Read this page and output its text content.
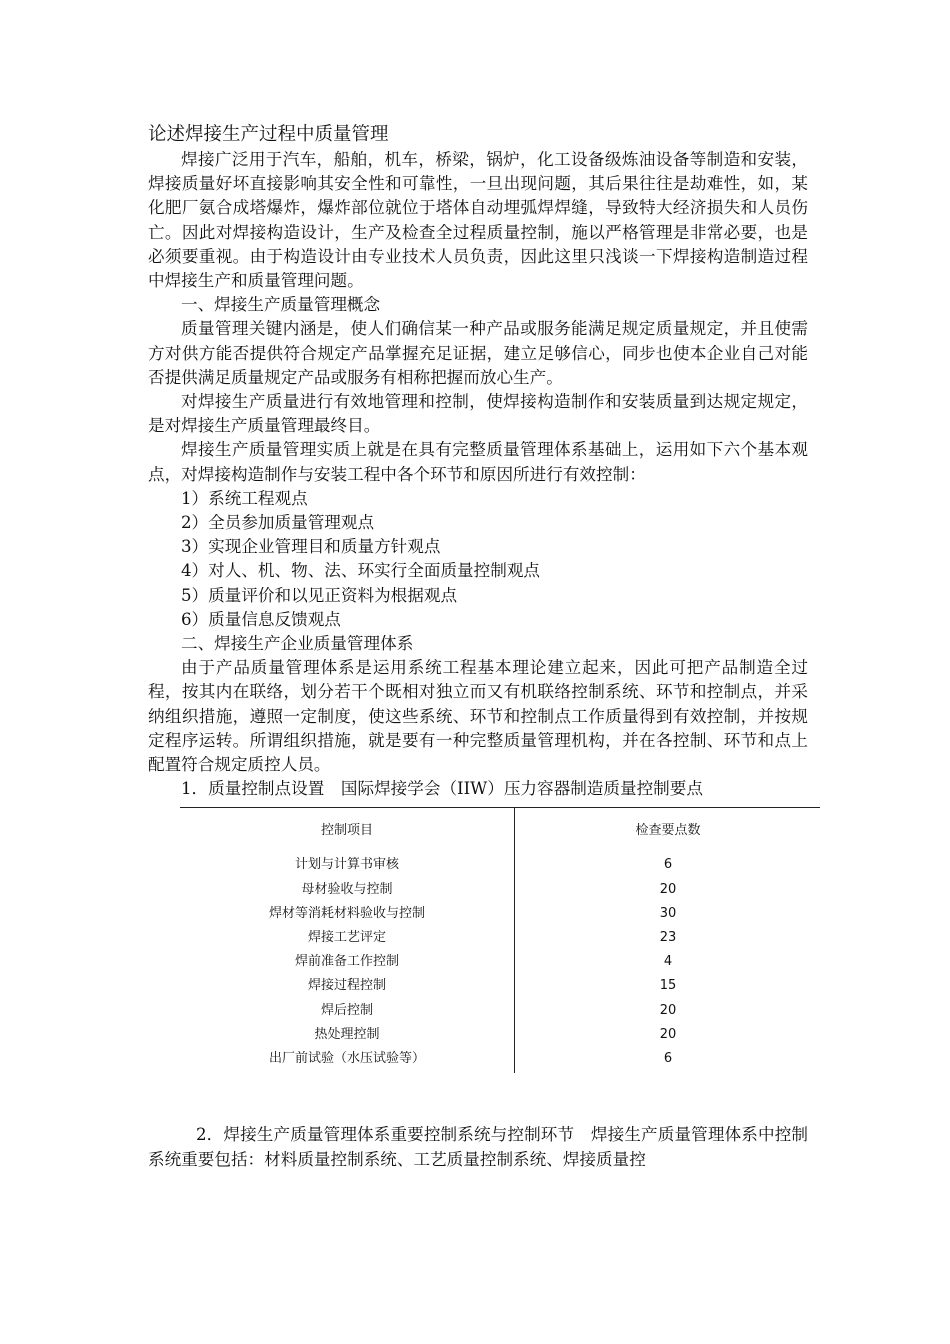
论述焊接生产过程中质量管理

焊接广泛用于汽车，船舶，机车，桥梁，锅炉，化工设备级炼油设备等制造和安装，焊接质量好坏直接影响其安全性和可靠性，一旦出现问题，其后果往往是劫难性，如，某化肥厂氨合成塔爆炸，爆炸部位就位于塔体自动埋弧焊焊缝，导致特大经济损失和人员伤亡。因此对焊接构造设计，生产及检查全过程质量控制，施以严格管理是非常必要，也是必须要重视。由于构造设计由专业技术人员负责，因此这里只浅谈一下焊接构造制造过程中焊接生产和质量管理问题。

一、焊接生产质量管理概念

质量管理关键内涵是，使人们确信某一种产品或服务能满足规定质量规定，并且使需方对供方能否提供符合规定产品掌握充足证据，建立足够信心，同步也使本企业自己对能否提供满足质量规定产品或服务有相称把握而放心生产。

对焊接生产质量进行有效地管理和控制，使焊接构造制作和安装质量到达规定规定，是对焊接生产质量管理最终目。

焊接生产质量管理实质上就是在具有完整质量管理体系基础上，运用如下六个基本观点，对焊接构造制作与安装工程中各个环节和原因所进行有效控制：

1）系统工程观点

2）全员参加质量管理观点

3）实现企业管理目和质量方针观点

4）对人、机、物、法、环实行全面质量控制观点

5）质量评价和以见正资料为根据观点

6）质量信息反馈观点

二、焊接生产企业质量管理体系

由于产品质量管理体系是运用系统工程基本理论建立起来，因此可把产品制造全过程，按其内在联络，划分若干个既相对独立而又有机联络控制系统、环节和控制点，并采纳组织措施，遵照一定制度，使这些系统、环节和控制点工作质量得到有效控制，并按规定程序运转。所谓组织措施，就是要有一种完整质量管理机构，并在各控制、环节和点上配置符合规定质控人员。

1．质量控制点设置　国际焊接学会（IIW）压力容器制造质量控制要点

控制项目	检查要点数
计划与计算书审核	6
母材验收与控制	20
焊材等消耗材料验收与控制	30
焊接工艺评定	23
焊前准备工作控制	4
焊接过程控制	15
焊后控制	20
热处理控制	20
出厂前试验（水压试验等）	6

2．焊接生产质量管理体系重要控制系统与控制环节　焊接生产质量管理体系中控制系统重要包括：材料质量控制系统、工艺质量控制系统、焊接质量控
